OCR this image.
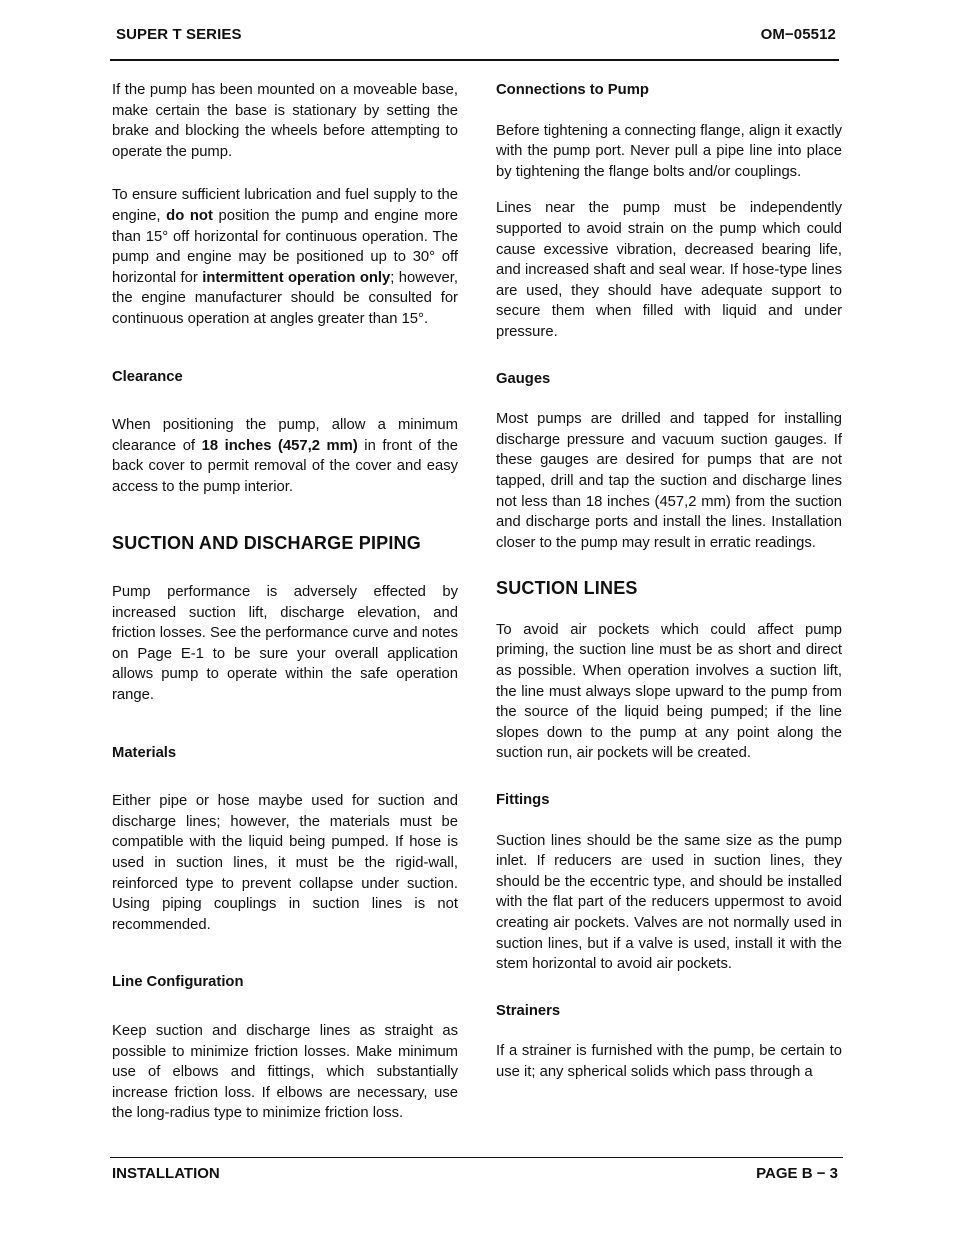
SUPER T SERIES	OM−05512

If the pump has been mounted on a moveable base, make certain the base is stationary by setting the brake and blocking the wheels before attempting to operate the pump.

To ensure sufficient lubrication and fuel supply to the engine, do not position the pump and engine more than 15° off horizontal for continuous operation. The pump and engine may be positioned up to 30° off horizontal for intermittent operation only; however, the engine manufacturer should be consulted for continuous operation at angles greater than 15°.

Clearance

When positioning the pump, allow a minimum clearance of 18 inches (457,2 mm) in front of the back cover to permit removal of the cover and easy access to the pump interior.

SUCTION AND DISCHARGE PIPING

Pump performance is adversely effected by increased suction lift, discharge elevation, and friction losses. See the performance curve and notes on Page E-1 to be sure your overall application allows pump to operate within the safe operation range.

Materials

Either pipe or hose maybe used for suction and discharge lines; however, the materials must be compatible with the liquid being pumped. If hose is used in suction lines, it must be the rigid-wall, reinforced type to prevent collapse under suction. Using piping couplings in suction lines is not recommended.

Line Configuration

Keep suction and discharge lines as straight as possible to minimize friction losses. Make minimum use of elbows and fittings, which substantially increase friction loss. If elbows are necessary, use the long-radius type to minimize friction loss.

Connections to Pump

Before tightening a connecting flange, align it exactly with the pump port. Never pull a pipe line into place by tightening the flange bolts and/or couplings.

Lines near the pump must be independently supported to avoid strain on the pump which could cause excessive vibration, decreased bearing life, and increased shaft and seal wear. If hose-type lines are used, they should have adequate support to secure them when filled with liquid and under pressure.

Gauges

Most pumps are drilled and tapped for installing discharge pressure and vacuum suction gauges. If these gauges are desired for pumps that are not tapped, drill and tap the suction and discharge lines not less than 18 inches (457,2 mm) from the suction and discharge ports and install the lines. Installation closer to the pump may result in erratic readings.

SUCTION LINES

To avoid air pockets which could affect pump priming, the suction line must be as short and direct as possible. When operation involves a suction lift, the line must always slope upward to the pump from the source of the liquid being pumped; if the line slopes down to the pump at any point along the suction run, air pockets will be created.

Fittings

Suction lines should be the same size as the pump inlet. If reducers are used in suction lines, they should be the eccentric type, and should be installed with the flat part of the reducers uppermost to avoid creating air pockets. Valves are not normally used in suction lines, but if a valve is used, install it with the stem horizontal to avoid air pockets.

Strainers

If a strainer is furnished with the pump, be certain to use it; any spherical solids which pass through a

INSTALLATION	PAGE B − 3
